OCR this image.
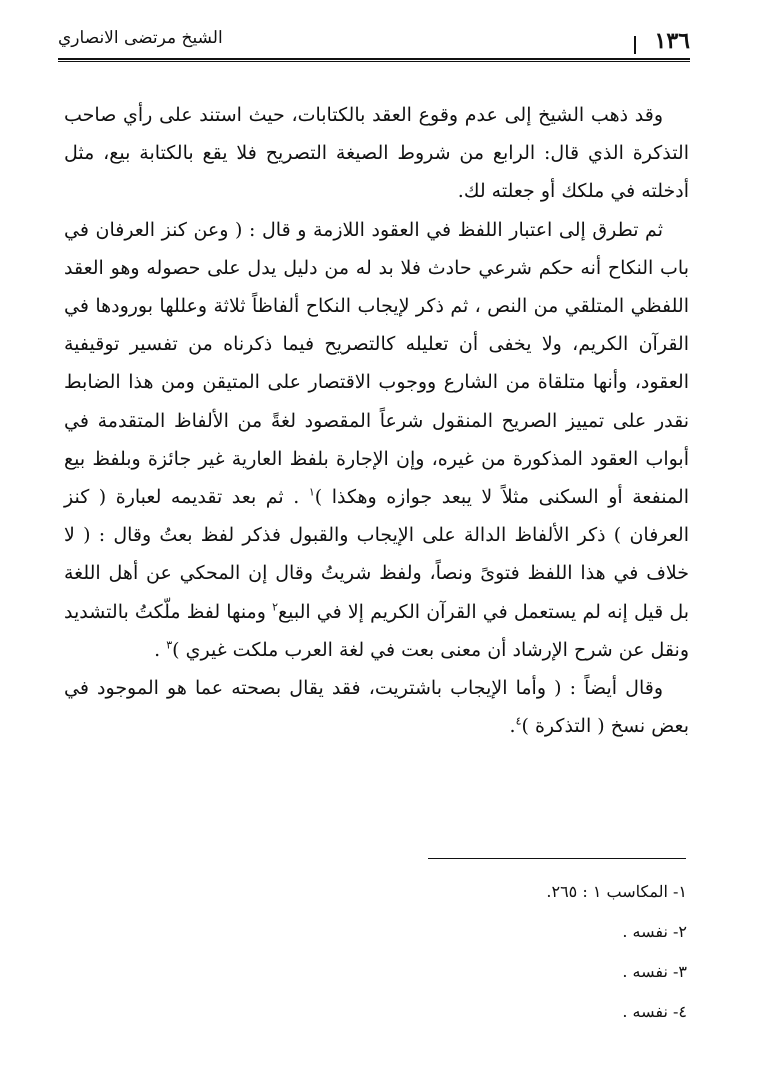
١٣٦
الشيخ مرتضى الانصاري

وقد ذهب الشيخ إلى عدم وقوع العقد بالكتابات، حيث استند على رأي صاحب التذكرة الذي قال: الرابع من شروط الصيغة التصريح فلا يقع بالكتابة بيع، مثل أدخلته في ملكك أو جعلته لك.

ثم تطرق إلى اعتبار اللفظ في العقود اللازمة و قال : ( وعن كنز العرفان في باب النكاح أنه حكم شرعي حادث فلا بد له من دليل يدل على حصوله وهو العقد اللفظي المتلقي من النص ، ثم ذكر لإيجاب النكاح ألفاظاً ثلاثة وعللها بورودها في القرآن الكريم، ولا يخفى أن تعليله كالتصريح فيما ذكرناه من تفسير توقيفية العقود، وأنها متلقاة من الشارع ووجوب الاقتصار على المتيقن ومن هذا الضابط نقدر على تمييز الصريح المنقول شرعاً المقصود لغةً من الألفاظ المتقدمة في أبواب العقود المذكورة من غيره، وإن الإجارة بلفظ العارية غير جائزة وبلفظ بيع المنفعة أو السكنى مثلاً لا يبعد جوازه وهكذا )$^١$ . ثم بعد تقديمه لعبارة ( كنز العرفان ) ذكر الألفاظ الدالة على الإيجاب والقبول فذكر لفظ بعتُ وقال : ( لا خلاف في هذا اللفظ فتوىً ونصاً، ولفظ شريتُ وقال إن المحكي عن أهل اللغة بل قيل إنه لم يستعمل في القرآن الكريم إلا في البيع$^٢$ ومنها لفظ ملّكتُ بالتشديد ونقل عن شرح الإرشاد أن معنى بعت في لغة العرب ملكت غيري )$^٣$ .

وقال أيضاً : ( وأما الإيجاب باشتريت، فقد يقال بصحته عما هو الموجود في بعض نسخ ( التذكرة )$^٤$.

١- المكاسب ١ : ٢٦٥.

٢- نفسه .

٣- نفسه .

٤- نفسه .
